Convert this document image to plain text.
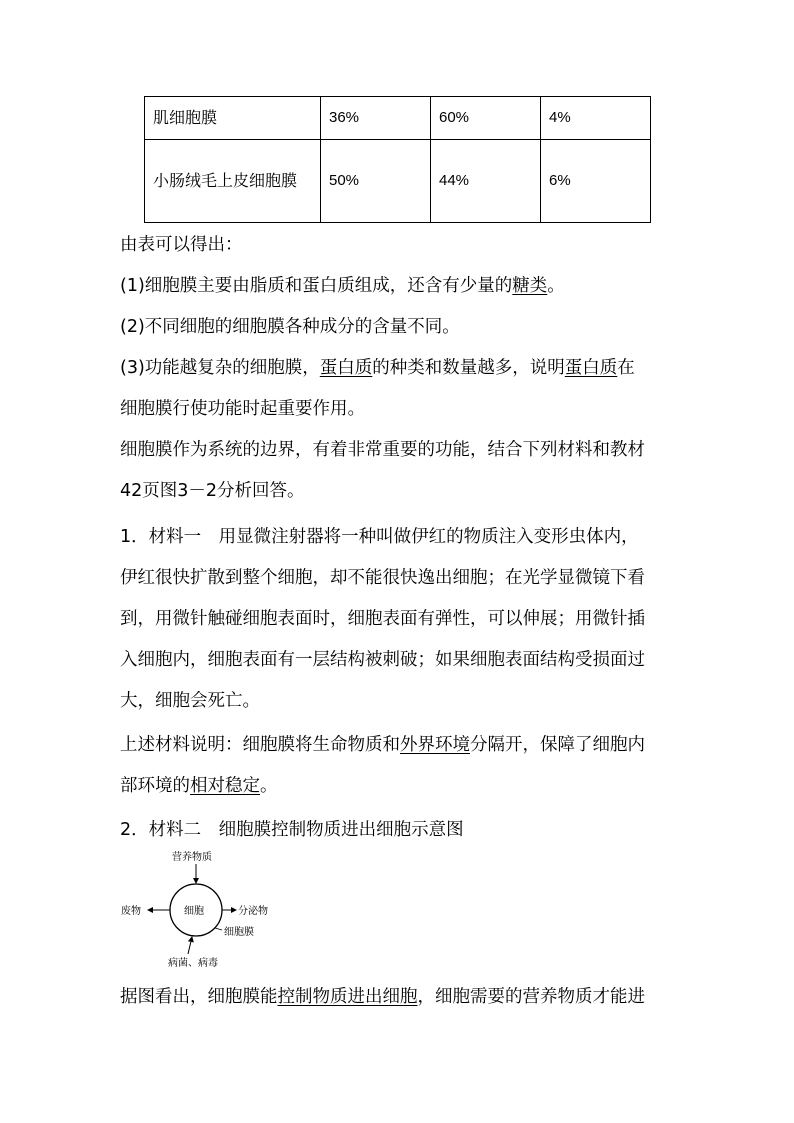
肌细胞膜	36%	60%	4%
小肠绒毛上皮细胞膜	50%	44%	6%
由表可以得出：
(1)细胞膜主要由脂质和蛋白质组成，还含有少量的糖类。
(2)不同细胞的细胞膜各种成分的含量不同。
(3)功能越复杂的细胞膜，蛋白质的种类和数量越多，说明蛋白质在
细胞膜行使功能时起重要作用。
细胞膜作为系统的边界，有着非常重要的功能，结合下列材料和教材
42页图3－2分析回答。
1．材料一　用显微注射器将一种叫做伊红的物质注入变形虫体内，
伊红很快扩散到整个细胞，却不能很快逸出细胞；在光学显微镜下看
到，用微针触碰细胞表面时，细胞表面有弹性，可以伸展；用微针插
入细胞内，细胞表面有一层结构被刺破；如果细胞表面结构受损面过
大，细胞会死亡。
上述材料说明：细胞膜将生命物质和外界环境分隔开，保障了细胞内
部环境的相对稳定。
2．材料二　细胞膜控制物质进出细胞示意图
营养物质
细胞
废物	分泌物
细胞膜
病菌、病毒
据图看出，细胞膜能控制物质进出细胞，细胞需要的营养物质才能进
